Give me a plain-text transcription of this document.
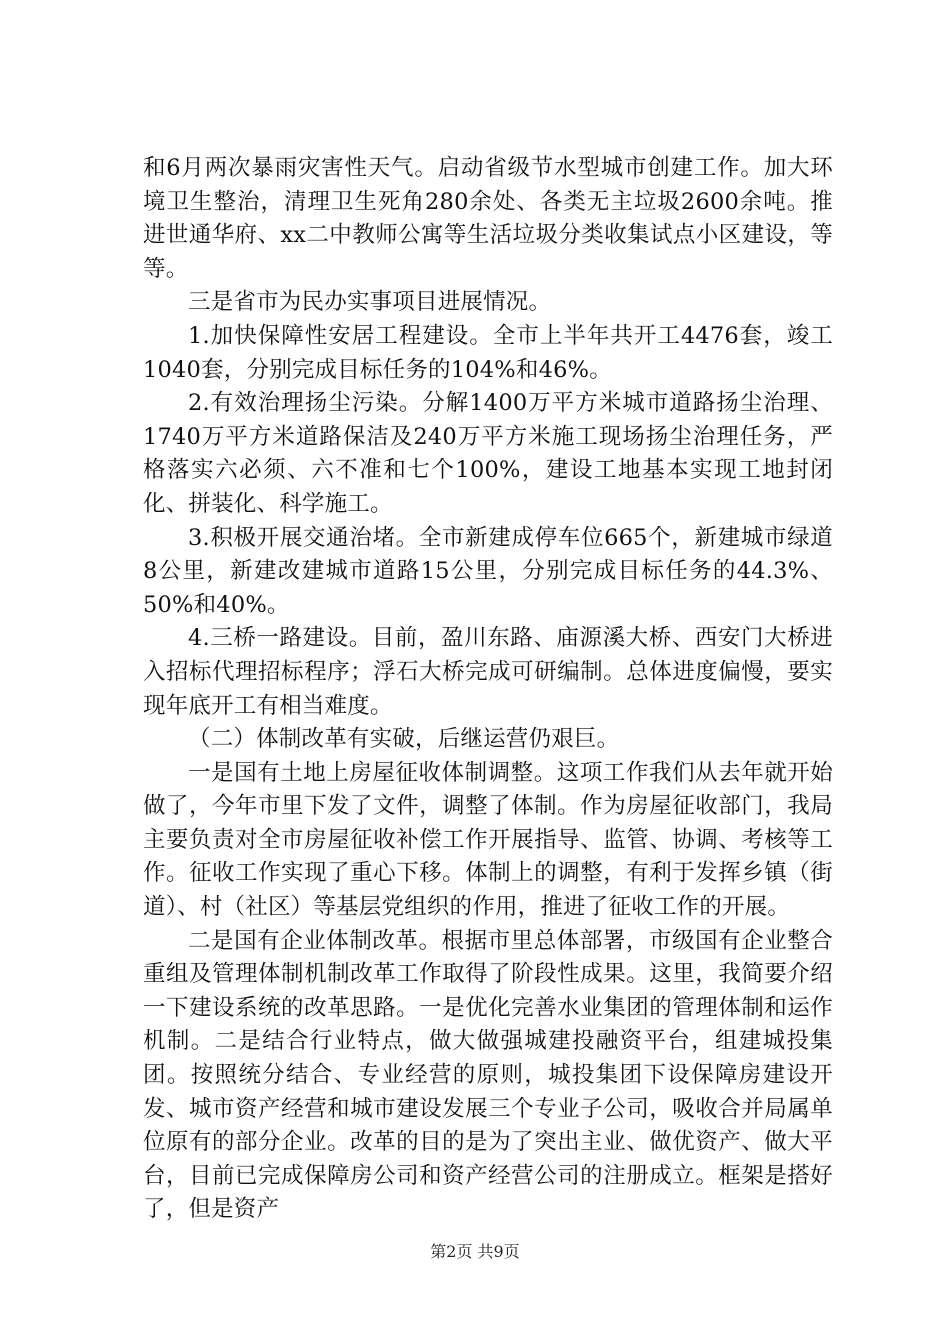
和6月两次暴雨灾害性天气。启动省级节水型城市创建工作。加大环境卫生整治，清理卫生死角280余处、各类无主垃圾2600余吨。推进世通华府、xx二中教师公寓等生活垃圾分类收集试点小区建设，等等。

三是省市为民办实事项目进展情况。

1.加快保障性安居工程建设。全市上半年共开工4476套，竣工1040套，分别完成目标任务的104%和46%。

2.有效治理扬尘污染。分解1400万平方米城市道路扬尘治理、1740万平方米道路保洁及240万平方米施工现场扬尘治理任务，严格落实六必须、六不准和七个100%，建设工地基本实现工地封闭化、拼装化、科学施工。

3.积极开展交通治堵。全市新建成停车位665个，新建城市绿道8公里，新建改建城市道路15公里，分别完成目标任务的44.3%、50%和40%。

4.三桥一路建设。目前，盈川东路、庙源溪大桥、西安门大桥进入招标代理招标程序；浮石大桥完成可研编制。总体进度偏慢，要实现年底开工有相当难度。

（二）体制改革有实破，后继运营仍艰巨。

一是国有土地上房屋征收体制调整。这项工作我们从去年就开始做了，今年市里下发了文件，调整了体制。作为房屋征收部门，我局主要负责对全市房屋征收补偿工作开展指导、监管、协调、考核等工作。征收工作实现了重心下移。体制上的调整，有利于发挥乡镇（街道）、村（社区）等基层党组织的作用，推进了征收工作的开展。

二是国有企业体制改革。根据市里总体部署，市级国有企业整合重组及管理体制机制改革工作取得了阶段性成果。这里，我简要介绍一下建设系统的改革思路。一是优化完善水业集团的管理体制和运作机制。二是结合行业特点，做大做强城建投融资平台，组建城投集团。按照统分结合、专业经营的原则，城投集团下设保障房建设开发、城市资产经营和城市建设发展三个专业子公司，吸收合并局属单位原有的部分企业。改革的目的是为了突出主业、做优资产、做大平台，目前已完成保障房公司和资产经营公司的注册成立。框架是搭好了，但是资产

第2页 共9页
